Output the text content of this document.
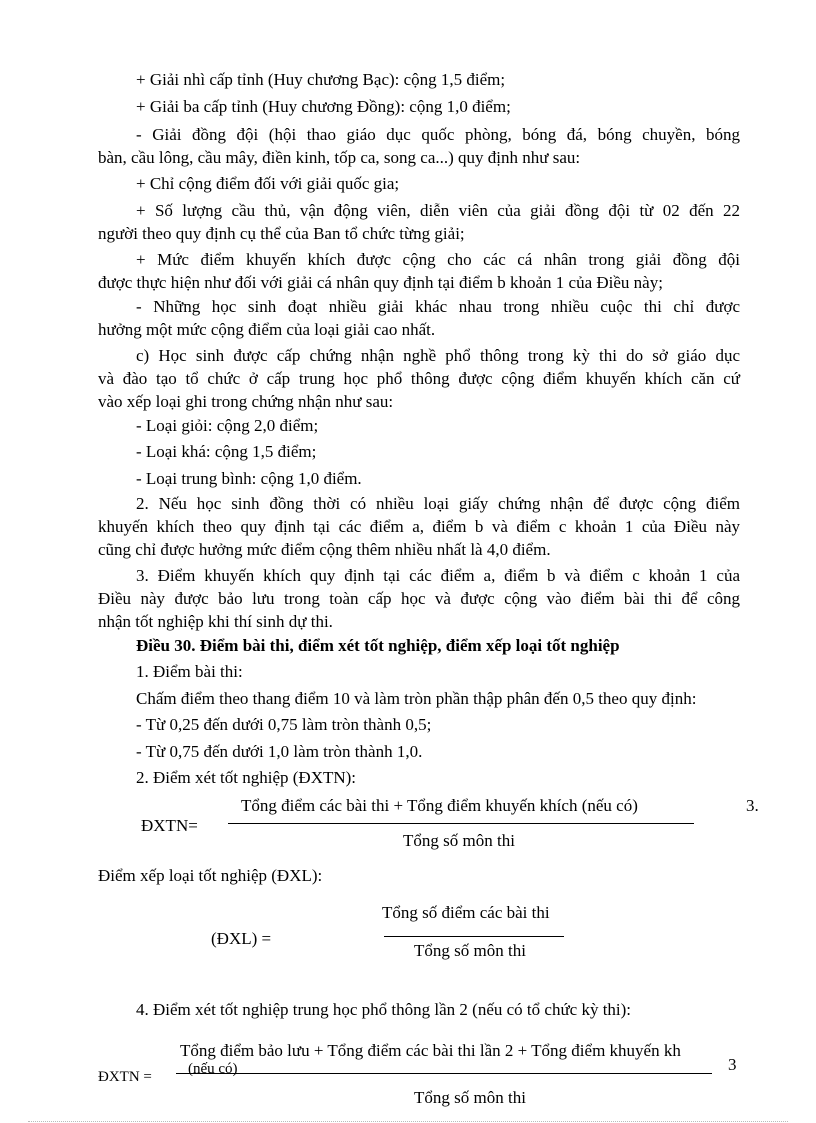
+ Giải nhì cấp tỉnh (Huy chương Bạc): cộng 1,5 điểm;
+ Giải ba cấp tỉnh (Huy chương Đồng): cộng 1,0 điểm;
- Giải đồng đội (hội thao giáo dục quốc phòng, bóng đá, bóng chuyền, bóng
bàn, cầu lông, cầu mây, điền kinh, tốp ca, song ca...) quy định như sau:
+ Chỉ cộng điểm đối với giải quốc gia;
+ Số lượng cầu thủ, vận động viên, diễn viên của giải đồng đội từ 02 đến 22
người theo quy định cụ thể của Ban tổ chức từng giải;
+ Mức điểm khuyến khích được cộng cho các cá nhân trong giải đồng đội
được thực hiện như đối với giải cá nhân quy định tại điểm b khoản 1 của Điều này;
- Những học sinh đoạt nhiều giải khác nhau trong nhiều cuộc thi chỉ được
hưởng một mức cộng điểm của loại giải cao nhất.
c) Học sinh được cấp chứng nhận nghề phổ thông trong kỳ thi do sở giáo dục
và đào tạo tổ chức ở cấp trung học phổ thông được cộng điểm khuyến khích căn cứ
vào xếp loại ghi trong chứng nhận như sau:
- Loại giỏi: cộng 2,0 điểm;
- Loại khá: cộng 1,5 điểm;
- Loại trung bình: cộng 1,0 điểm.
2. Nếu học sinh đồng thời có nhiều loại giấy chứng nhận để được cộng điểm
khuyến khích theo quy định tại các điểm a, điểm b và điểm c khoản 1 của Điều này
cũng chỉ được hưởng mức điểm cộng thêm nhiều nhất là 4,0 điểm.
3. Điểm khuyến khích quy định tại các điểm a, điểm b và điểm c khoản 1 của
Điều này được bảo lưu trong toàn cấp học và được cộng vào điểm bài thi để công
nhận tốt nghiệp khi thí sinh dự thi.
Điều 30. Điểm bài thi, điểm xét tốt nghiệp, điểm xếp loại tốt nghiệp
1. Điểm bài thi:
Chấm điểm theo thang điểm 10 và làm tròn phần thập phân đến 0,5 theo quy định:
- Từ 0,25 đến dưới 0,75 làm tròn thành 0,5;
- Từ 0,75 đến dưới 1,0 làm tròn thành 1,0.
2. Điểm xét tốt nghiệp (ĐXTN):
Tổng điểm các bài thi + Tổng điểm khuyến khích (nếu có)	3.
ĐXTN=
Tổng số môn thi
Điểm xếp loại tốt nghiệp (ĐXL):
Tổng số điểm các bài thi
(ĐXL) =
Tổng số môn thi
4. Điểm xét tốt nghiệp trung học phổ thông lần 2 (nếu có tổ chức kỳ thi):
Tổng điểm bảo lưu + Tổng điểm các bài thi lần 2 + Tổng điểm khuyến kh
(nếu có)
ĐXTN =
3
Tổng số môn thi
